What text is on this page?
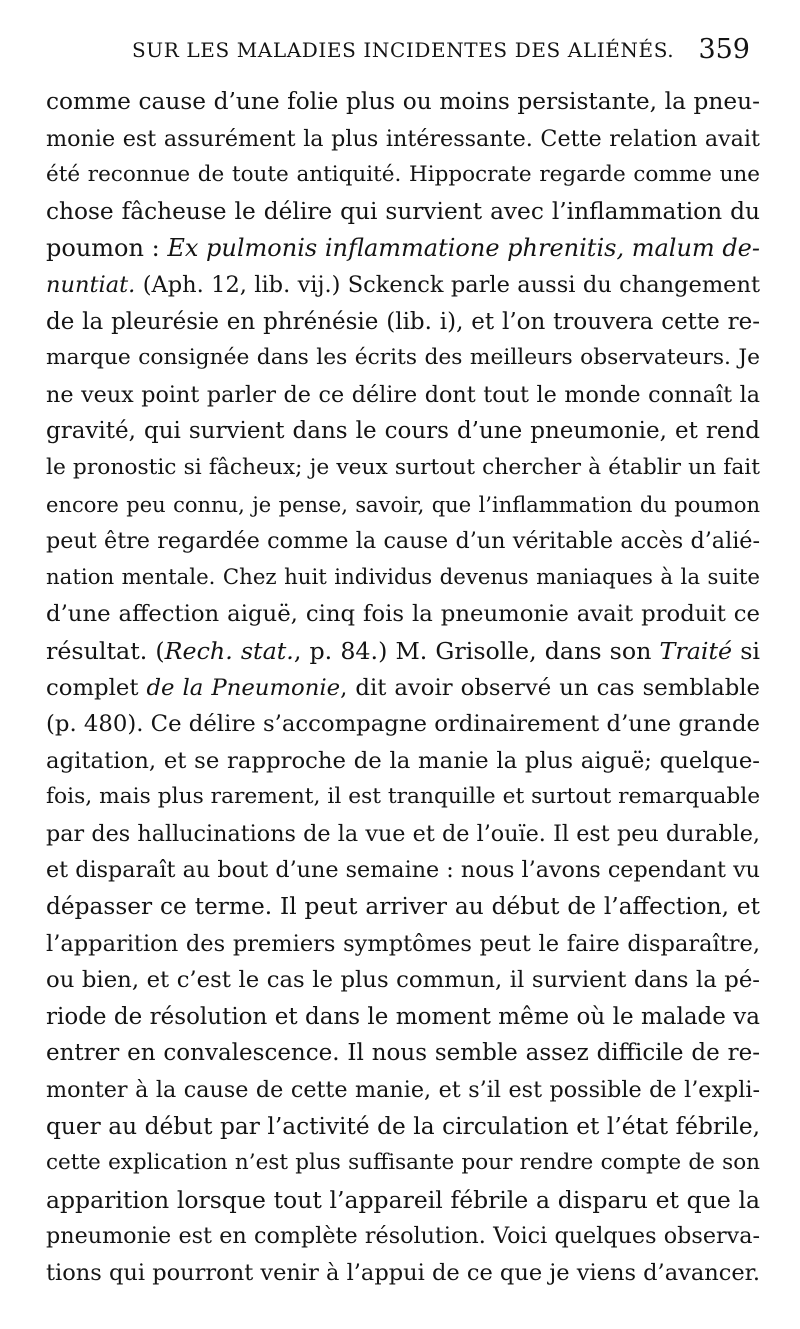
SUR LES MALADIES INCIDENTES DES ALIÉNÉS. 359
comme cause d’une folie plus ou moins persistante, la pneu-
monie est assurément la plus intéressante. Cette relation avait
été reconnue de toute antiquité. Hippocrate regarde comme une
chose fâcheuse le délire qui survient avec l’inflammation du
poumon : Ex pulmonis inflammatione phrenitis, malum de-
nuntiat. (Aph. 12, lib. vij.) Sckenck parle aussi du changement
de la pleurésie en phrénésie (lib. i), et l’on trouvera cette re-
marque consignée dans les écrits des meilleurs observateurs. Je
ne veux point parler de ce délire dont tout le monde connaît la
gravité, qui survient dans le cours d’une pneumonie, et rend
le pronostic si fâcheux; je veux surtout chercher à établir un fait
encore peu connu, je pense, savoir, que l’inflammation du poumon
peut être regardée comme la cause d’un véritable accès d’alié-
nation mentale. Chez huit individus devenus maniaques à la suite
d’une affection aiguë, cinq fois la pneumonie avait produit ce
résultat. (Rech. stat., p. 84.) M. Grisolle, dans son Traité si
complet de la Pneumonie, dit avoir observé un cas semblable
(p. 480). Ce délire s’accompagne ordinairement d’une grande
agitation, et se rapproche de la manie la plus aiguë; quelque-
fois, mais plus rarement, il est tranquille et surtout remarquable
par des hallucinations de la vue et de l’ouïe. Il est peu durable,
et disparaît au bout d’une semaine : nous l’avons cependant vu
dépasser ce terme. Il peut arriver au début de l’affection, et
l’apparition des premiers symptômes peut le faire disparaître,
ou bien, et c’est le cas le plus commun, il survient dans la pé-
riode de résolution et dans le moment même où le malade va
entrer en convalescence. Il nous semble assez difficile de re-
monter à la cause de cette manie, et s’il est possible de l’expli-
quer au début par l’activité de la circulation et l’état fébrile,
cette explication n’est plus suffisante pour rendre compte de son
apparition lorsque tout l’appareil fébrile a disparu et que la
pneumonie est en complète résolution. Voici quelques observa-
tions qui pourront venir à l’appui de ce que je viens d’avancer.
